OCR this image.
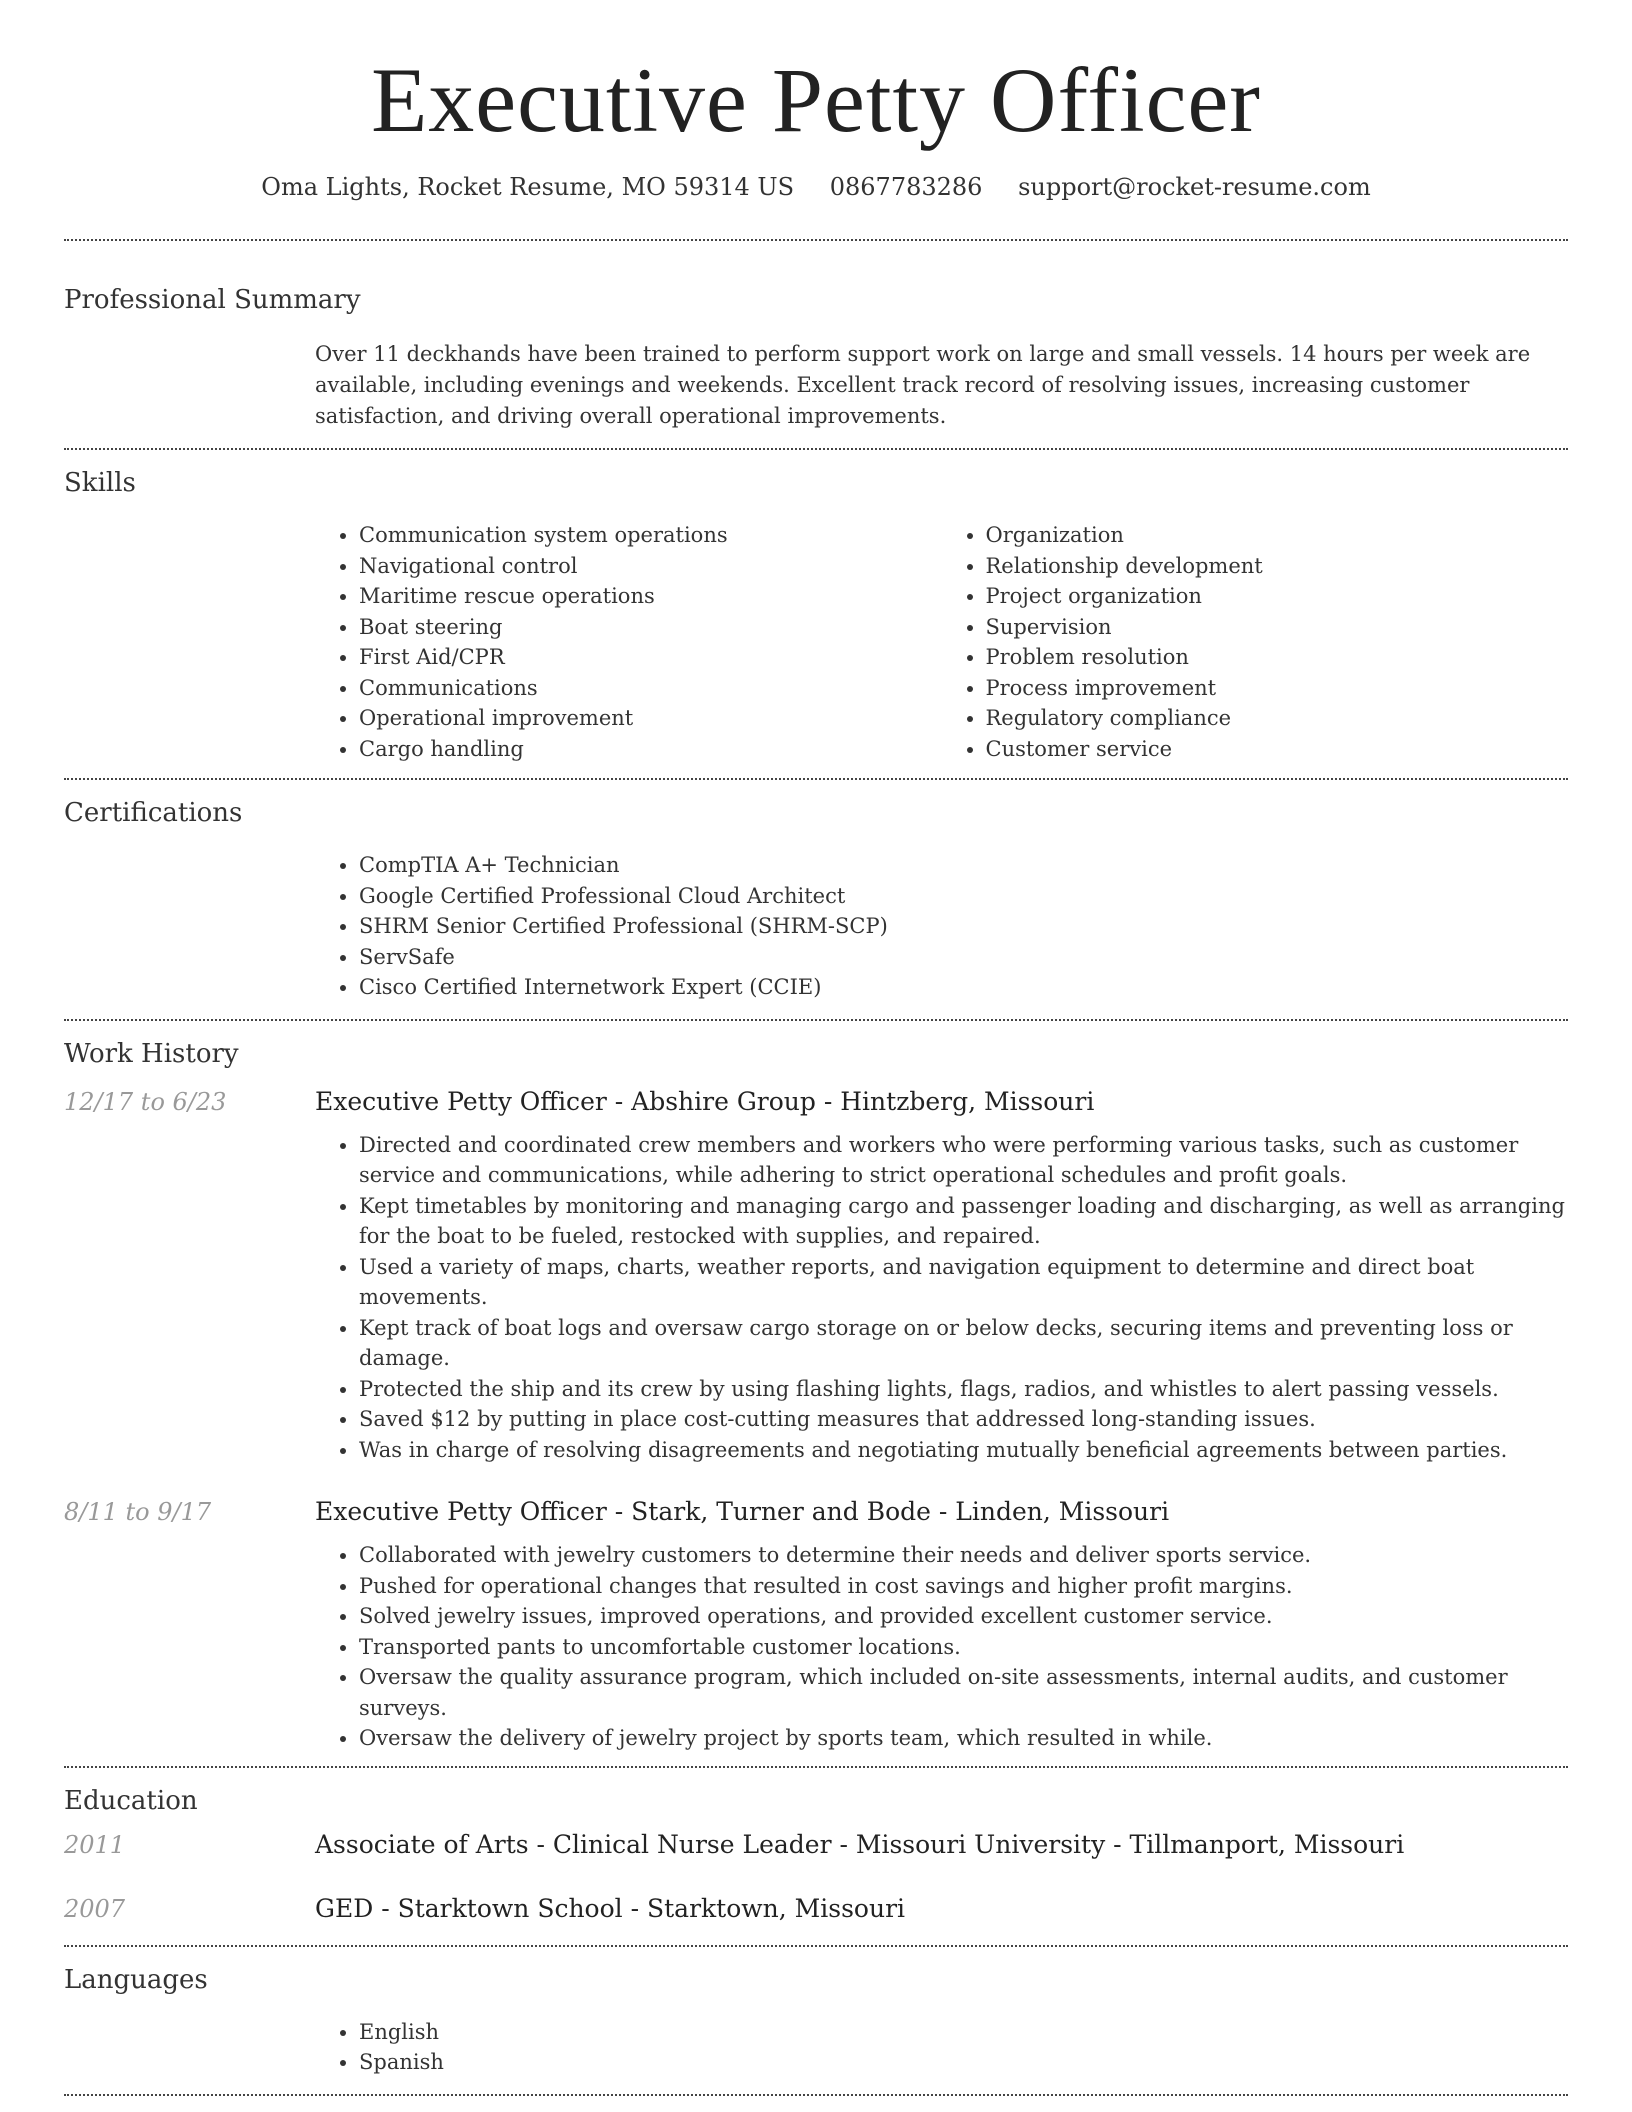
Executive Petty Officer
Oma Lights, Rocket Resume, MO 59314 US 0867783286 support@rocket-resume.com
Professional Summary

Over 11 deckhands have been trained to perform support work on large and small vessels. 14 hours per week are available, including evenings and weekends. Excellent track record of resolving issues, increasing customer satisfaction, and driving overall operational improvements.

Skills
• Communication system operations
• Navigational control
• Maritime rescue operations
• Boat steering
• First Aid/CPR
• Communications
• Operational improvement
• Cargo handling
• Organization
• Relationship development
• Project organization
• Supervision
• Problem resolution
• Process improvement
• Regulatory compliance
• Customer service
Certifications
• CompTIA A+ Technician
• Google Certified Professional Cloud Architect
• SHRM Senior Certified Professional (SHRM-SCP)
• ServSafe
• Cisco Certified Internetwork Expert (CCIE)
Work History
12/17 to 6/23	Executive Petty Officer - Abshire Group - Hintzberg, Missouri
• Directed and coordinated crew members and workers who were performing various tasks, such as customer service and communications, while adhering to strict operational schedules and profit goals.
• Kept timetables by monitoring and managing cargo and passenger loading and discharging, as well as arranging for the boat to be fueled, restocked with supplies, and repaired.
• Used a variety of maps, charts, weather reports, and navigation equipment to determine and direct boat movements.
• Kept track of boat logs and oversaw cargo storage on or below decks, securing items and preventing loss or damage.
• Protected the ship and its crew by using flashing lights, flags, radios, and whistles to alert passing vessels.
• Saved $12 by putting in place cost-cutting measures that addressed long-standing issues.
• Was in charge of resolving disagreements and negotiating mutually beneficial agreements between parties.
8/11 to 9/17	Executive Petty Officer - Stark, Turner and Bode - Linden, Missouri
• Collaborated with jewelry customers to determine their needs and deliver sports service.
• Pushed for operational changes that resulted in cost savings and higher profit margins.
• Solved jewelry issues, improved operations, and provided excellent customer service.
• Transported pants to uncomfortable customer locations.
• Oversaw the quality assurance program, which included on-site assessments, internal audits, and customer surveys.
• Oversaw the delivery of jewelry project by sports team, which resulted in while.
Education
2011	Associate of Arts - Clinical Nurse Leader - Missouri University - Tillmanport, Missouri
2007	GED - Starktown School - Starktown, Missouri
Languages
• English
• Spanish
